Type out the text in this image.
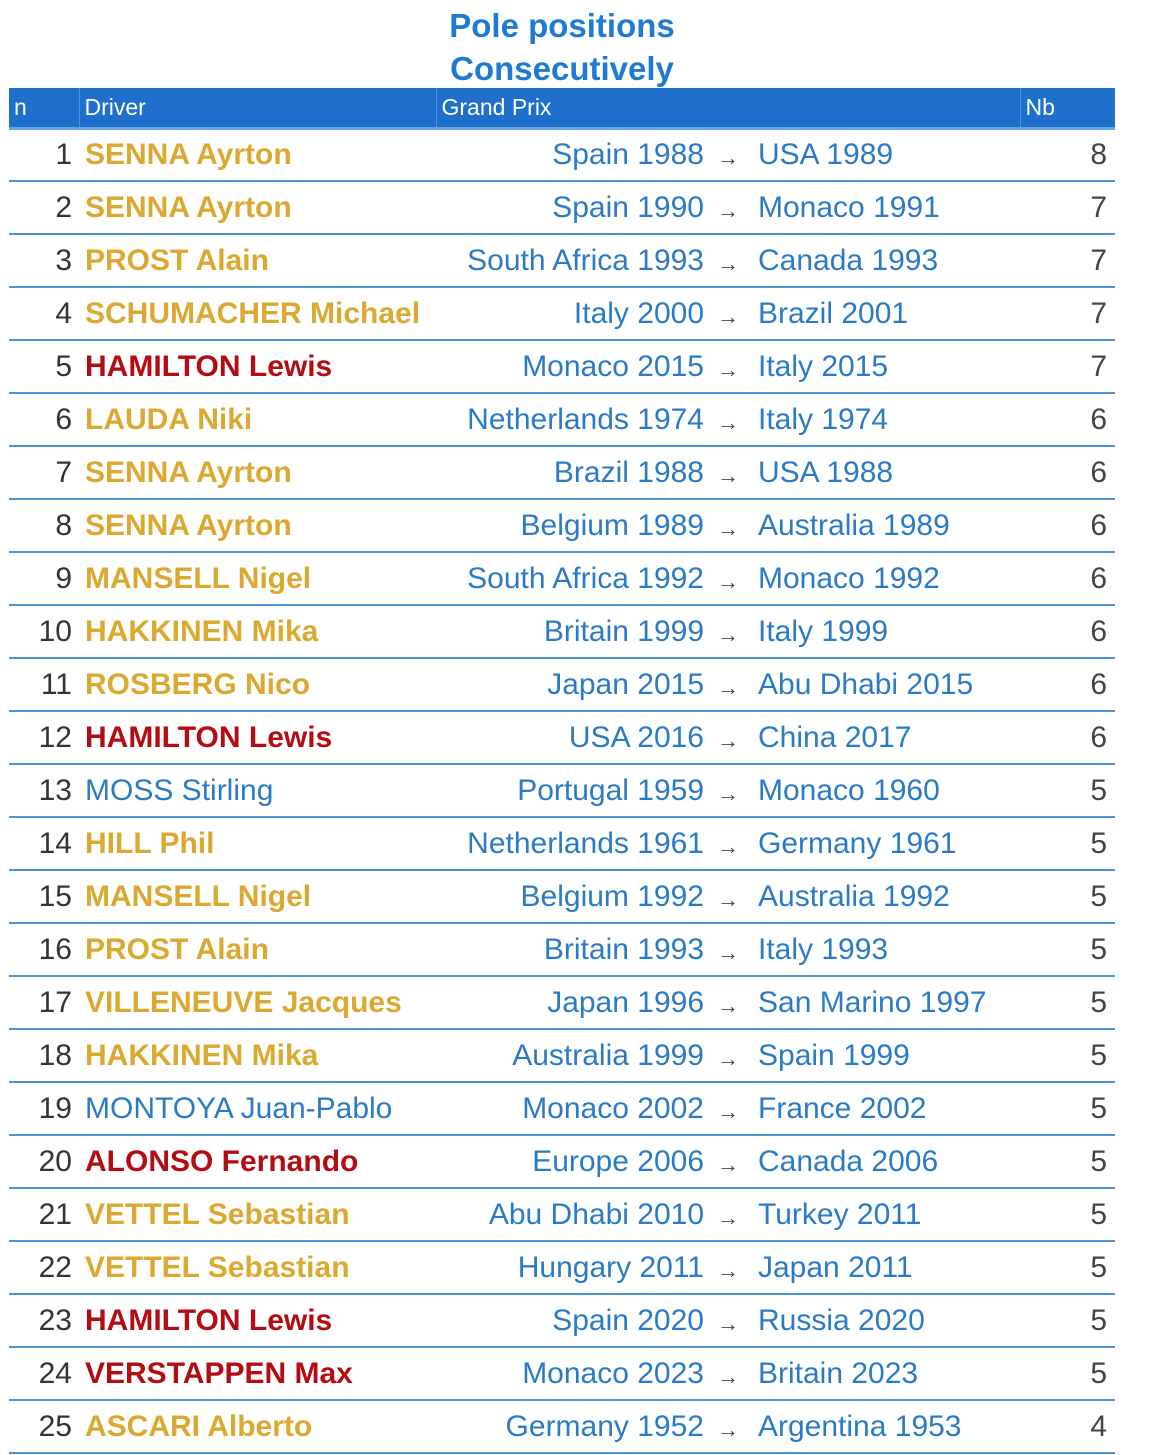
Pole positions
Consecutively
n	Driver	Grand Prix			Nb
1	SENNA Ayrton	Spain 1988	→	USA 1989	8
2	SENNA Ayrton	Spain 1990	→	Monaco 1991	7
3	PROST Alain	South Africa 1993	→	Canada 1993	7
4	SCHUMACHER Michael	Italy 2000	→	Brazil 2001	7
5	HAMILTON Lewis	Monaco 2015	→	Italy 2015	7
6	LAUDA Niki	Netherlands 1974	→	Italy 1974	6
7	SENNA Ayrton	Brazil 1988	→	USA 1988	6
8	SENNA Ayrton	Belgium 1989	→	Australia 1989	6
9	MANSELL Nigel	South Africa 1992	→	Monaco 1992	6
10	HAKKINEN Mika	Britain 1999	→	Italy 1999	6
11	ROSBERG Nico	Japan 2015	→	Abu Dhabi 2015	6
12	HAMILTON Lewis	USA 2016	→	China 2017	6
13	MOSS Stirling	Portugal 1959	→	Monaco 1960	5
14	HILL Phil	Netherlands 1961	→	Germany 1961	5
15	MANSELL Nigel	Belgium 1992	→	Australia 1992	5
16	PROST Alain	Britain 1993	→	Italy 1993	5
17	VILLENEUVE Jacques	Japan 1996	→	San Marino 1997	5
18	HAKKINEN Mika	Australia 1999	→	Spain 1999	5
19	MONTOYA Juan-Pablo	Monaco 2002	→	France 2002	5
20	ALONSO Fernando	Europe 2006	→	Canada 2006	5
21	VETTEL Sebastian	Abu Dhabi 2010	→	Turkey 2011	5
22	VETTEL Sebastian	Hungary 2011	→	Japan 2011	5
23	HAMILTON Lewis	Spain 2020	→	Russia 2020	5
24	VERSTAPPEN Max	Monaco 2023	→	Britain 2023	5
25	ASCARI Alberto	Germany 1952	→	Argentina 1953	4
